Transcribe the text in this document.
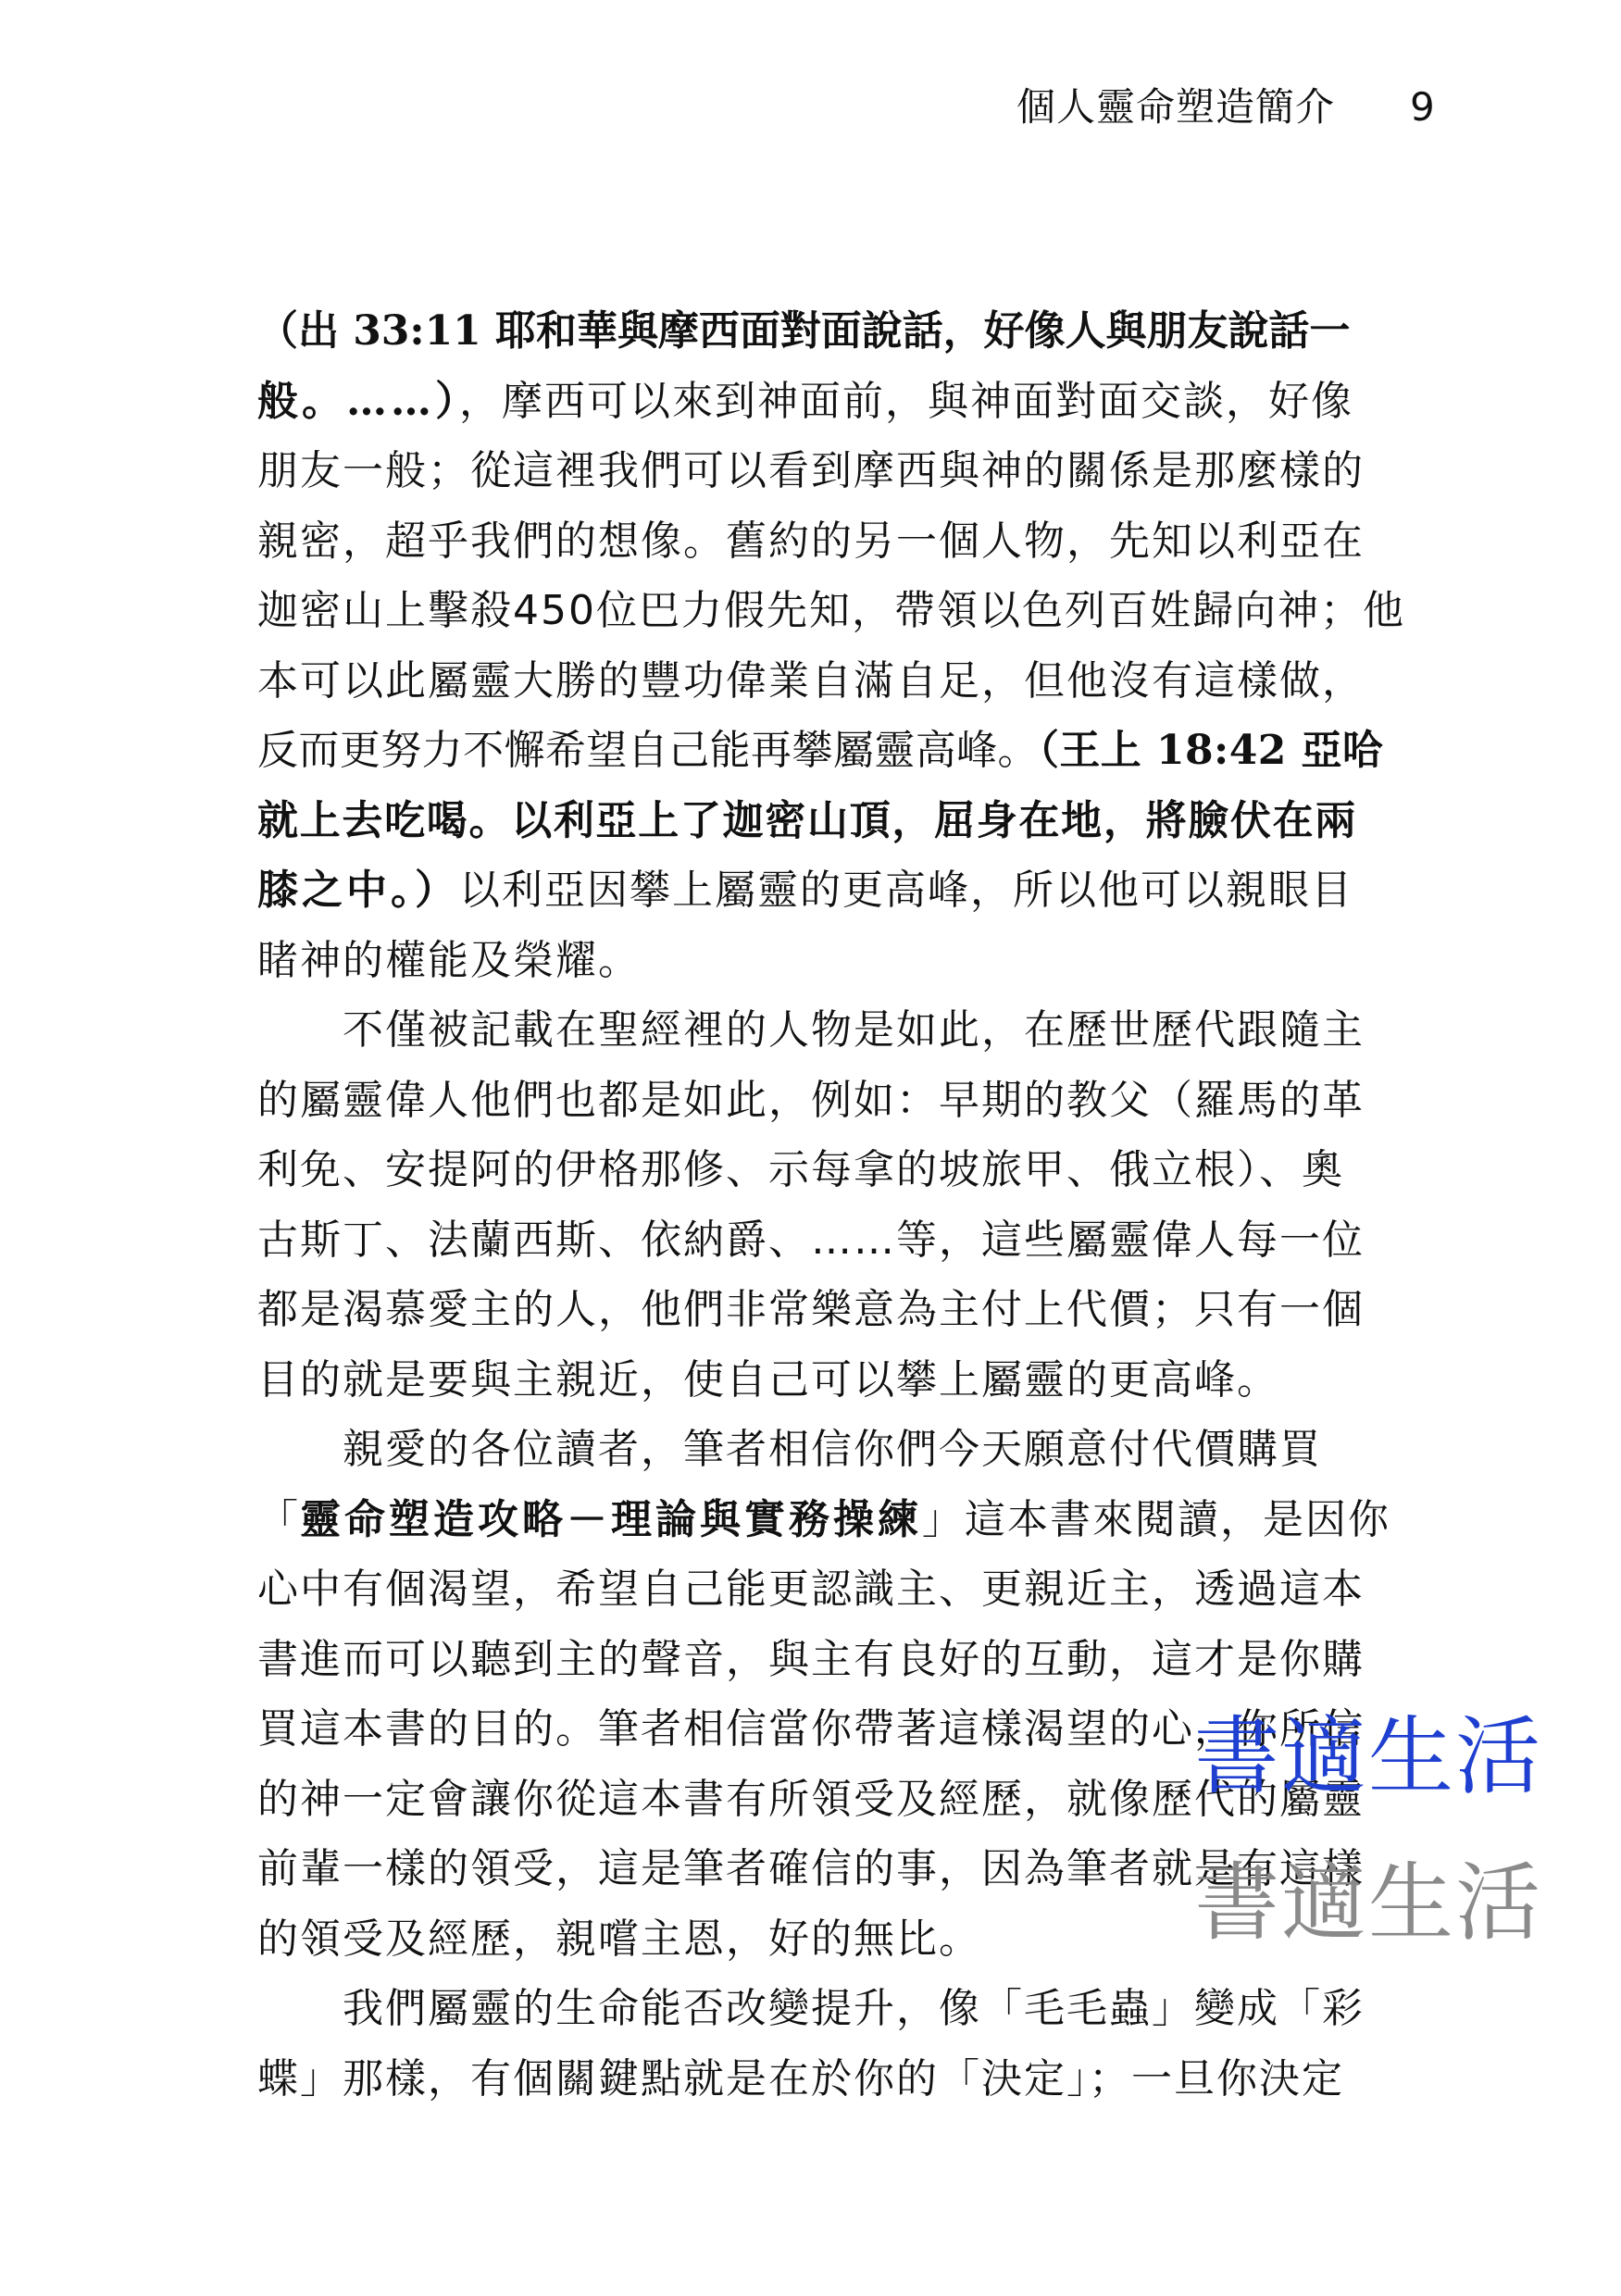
個人靈命塑造簡介 9
（出 33:11 耶和華與摩西面對面說話，好像人與朋友說話一
般。……），摩西可以來到神面前，與神面對面交談，好像
朋友一般；從這裡我們可以看到摩西與神的關係是那麼樣的
親密，超乎我們的想像。舊約的另一個人物，先知以利亞在
迦密山上擊殺450位巴力假先知，帶領以色列百姓歸向神；他
本可以此屬靈大勝的豐功偉業自滿自足，但他沒有這樣做，
反而更努力不懈希望自己能再攀屬靈高峰。（王上 18:42 亞哈
就上去吃喝。以利亞上了迦密山頂，屈身在地，將臉伏在兩
膝之中。）以利亞因攀上屬靈的更高峰，所以他可以親眼目
睹神的權能及榮耀。
不僅被記載在聖經裡的人物是如此，在歷世歷代跟隨主
的屬靈偉人他們也都是如此，例如：早期的教父（羅馬的革
利免、安提阿的伊格那修、示每拿的坡旅甲、俄立根）、奧
古斯丁、法蘭西斯、依納爵、……等，這些屬靈偉人每一位
都是渴慕愛主的人，他們非常樂意為主付上代價；只有一個
目的就是要與主親近，使自己可以攀上屬靈的更高峰。
親愛的各位讀者，筆者相信你們今天願意付代價購買
「靈命塑造攻略－理論與實務操練」這本書來閱讀，是因你
心中有個渴望，希望自己能更認識主、更親近主，透過這本
書進而可以聽到主的聲音，與主有良好的互動，這才是你購
買這本書的目的。筆者相信當你帶著這樣渴望的心，你所信
的神一定會讓你從這本書有所領受及經歷，就像歷代的屬靈
前輩一樣的領受，這是筆者確信的事，因為筆者就是有這樣
的領受及經歷，親嚐主恩，好的無比。
我們屬靈的生命能否改變提升，像「毛毛蟲」變成「彩
蝶」那樣，有個關鍵點就是在於你的「決定」；一旦你決定
書適生活
書適生活
